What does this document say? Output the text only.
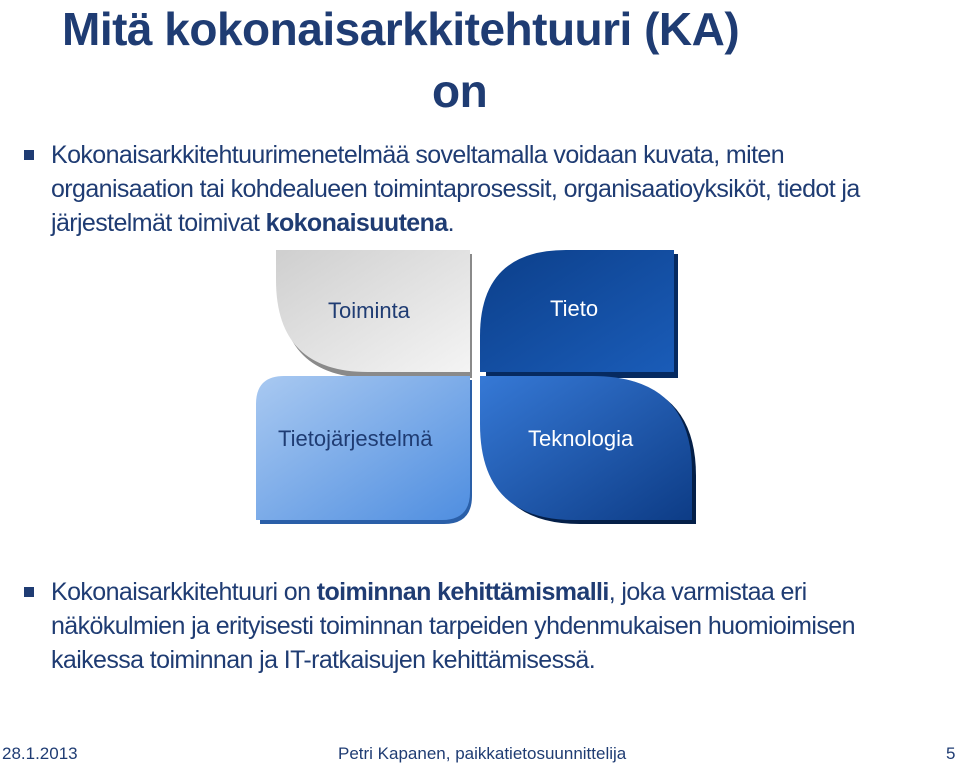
Mitä kokonaisarkkitehtuuri (KA)
on
Kokonaisarkkitehtuurimenetelmää soveltamalla voidaan kuvata, miten organisaation tai kohdealueen toimintaprosessit, organisaatioyksiköt, tiedot ja järjestelmät toimivat kokonaisuutena.
Toiminta	Tieto
Tietojärjestelmä	Teknologia
Kokonaisarkkitehtuuri on toiminnan kehittämismalli, joka varmistaa eri näkökulmien ja erityisesti toiminnan tarpeiden yhdenmukaisen huomioimisen kaikessa toiminnan ja IT-ratkaisujen kehittämisessä.
28.1.2013	Petri Kapanen, paikkatietosuunnittelija	5
